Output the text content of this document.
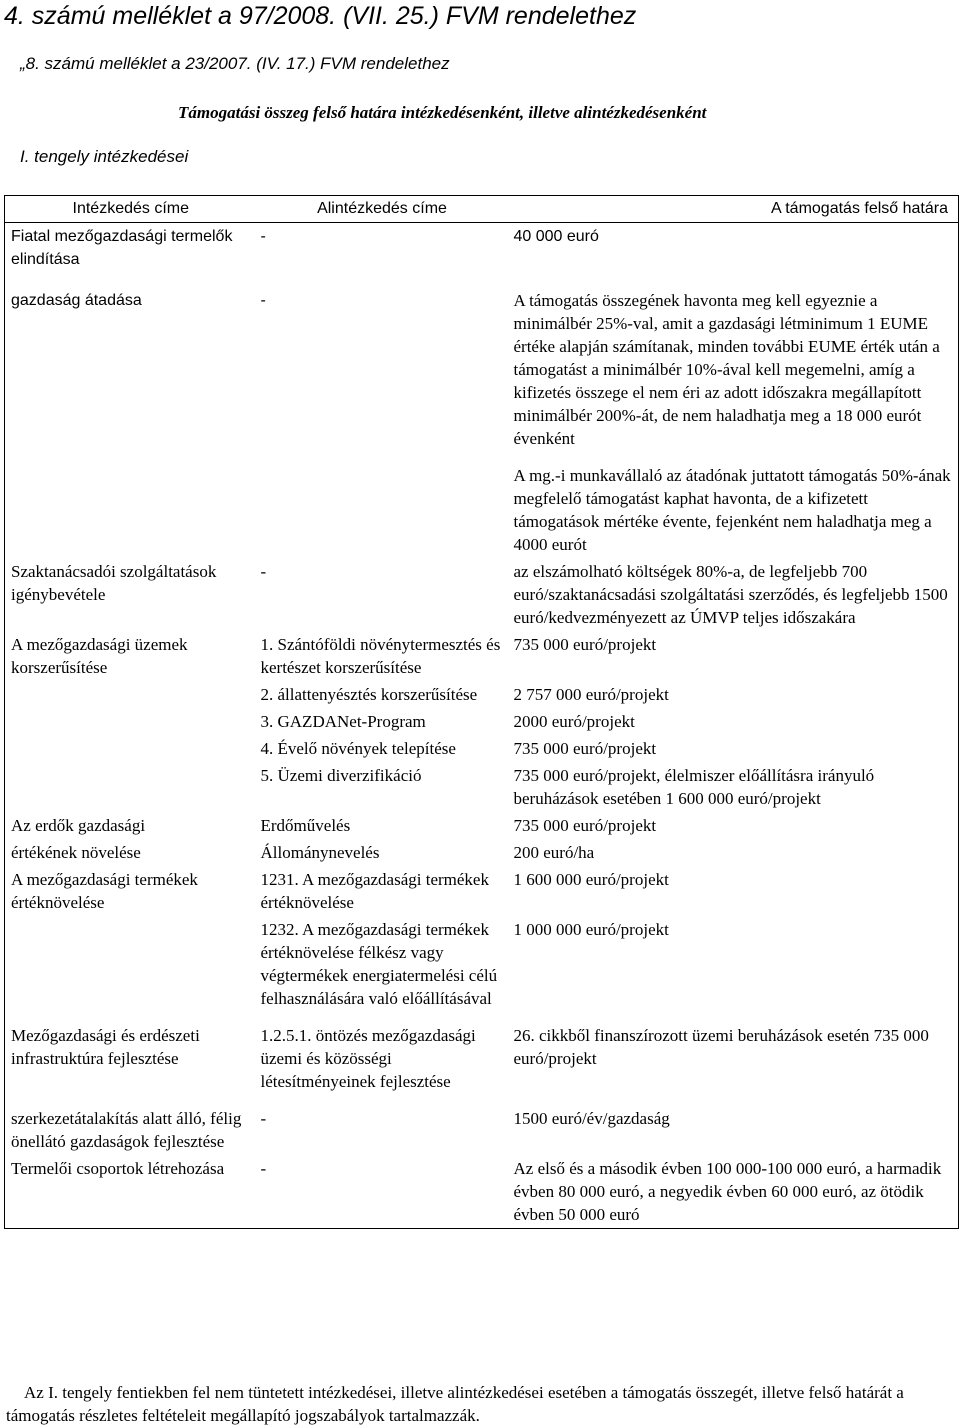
4. számú melléklet a 97/2008. (VII. 25.) FVM rendelethez
„8. számú melléklet a 23/2007. (IV. 17.) FVM rendelethez
Támogatási összeg felső határa intézkedésenként, illetve alintézkedésenként
I. tengely intézkedései
Intézkedés címe	Alintézkedés címe	A támogatás felső határa
Fiatal mezőgazdasági termelők elindítása	-	40 000 euró

gazdaság átadása	-	A támogatás összegének havonta meg kell egyeznie a minimálbér 25%-val, amit a gazdasági létminimum 1 EUME értéke alapján számítanak, minden további EUME érték után a támogatást a minimálbér 10%-ával kell megemelni, amíg a kifizetés összege el nem éri az adott időszakra megállapított minimálbér 200%-át, de nem haladhatja meg a 18 000 eurót évenként
A mg.-i munkavállaló az átadónak juttatott támogatás 50%-ának megfelelő támogatást kaphat havonta, de a kifizetett támogatások mértéke évente, fejenként nem haladhatja meg a 4000 eurót

Szaktanácsadói szolgáltatások igénybevétele	-	az elszámolható költségek 80%-a, de legfeljebb 700 euró/szaktanácsadási szolgáltatási szerződés, és legfeljebb 1500 euró/kedvezményezett az ÚMVP teljes időszakára
A mezőgazdasági üzemek korszerűsítése	1. Szántóföldi növénytermesztés és kertészet korszerűsítése	735 000 euró/projekt
	2. állattenyésztés korszerűsítése	2 757 000 euró/projekt
	3. GAZDANet-Program	2000 euró/projekt
	4. Évelő növények telepítése	735 000 euró/projekt
	5. Üzemi diverzifikáció	735 000 euró/projekt, élelmiszer előállításra irányuló beruházások esetében 1 600 000 euró/projekt
Az erdők gazdasági	Erdőművelés	735 000 euró/projekt
értékének növelése	Állománynevelés	200 euró/ha
A mezőgazdasági termékek értéknövelése	1231. A mezőgazdasági termékek értéknövelése	1 600 000 euró/projekt
	1232. A mezőgazdasági termékek értéknövelése félkész vagy végtermékek energiatermelési célú felhasználására való előállításával	1 000 000 euró/projekt
Mezőgazdasági és erdészeti infrastruktúra fejlesztése	1.2.5.1. öntözés mezőgazdasági üzemi és közösségi létesítményeinek fejlesztése	26. cikkből finanszírozott üzemi beruházások esetén 735 000 euró/projekt
szerkezetátalakítás alatt álló, félig önellátó gazdaságok fejlesztése	-	1500 euró/év/gazdaság
Termelői csoportok létrehozása	-	Az első és a második évben 100 000-100 000 euró, a harmadik évben 80 000 euró, a negyedik évben 60 000 euró, az ötödik évben 50 000 euró
Az I. tengely fentiekben fel nem tüntetett intézkedései, illetve alintézkedései esetében a támogatás összegét, illetve felső határát a támogatás részletes feltételeit megállapító jogszabályok tartalmazzák.
